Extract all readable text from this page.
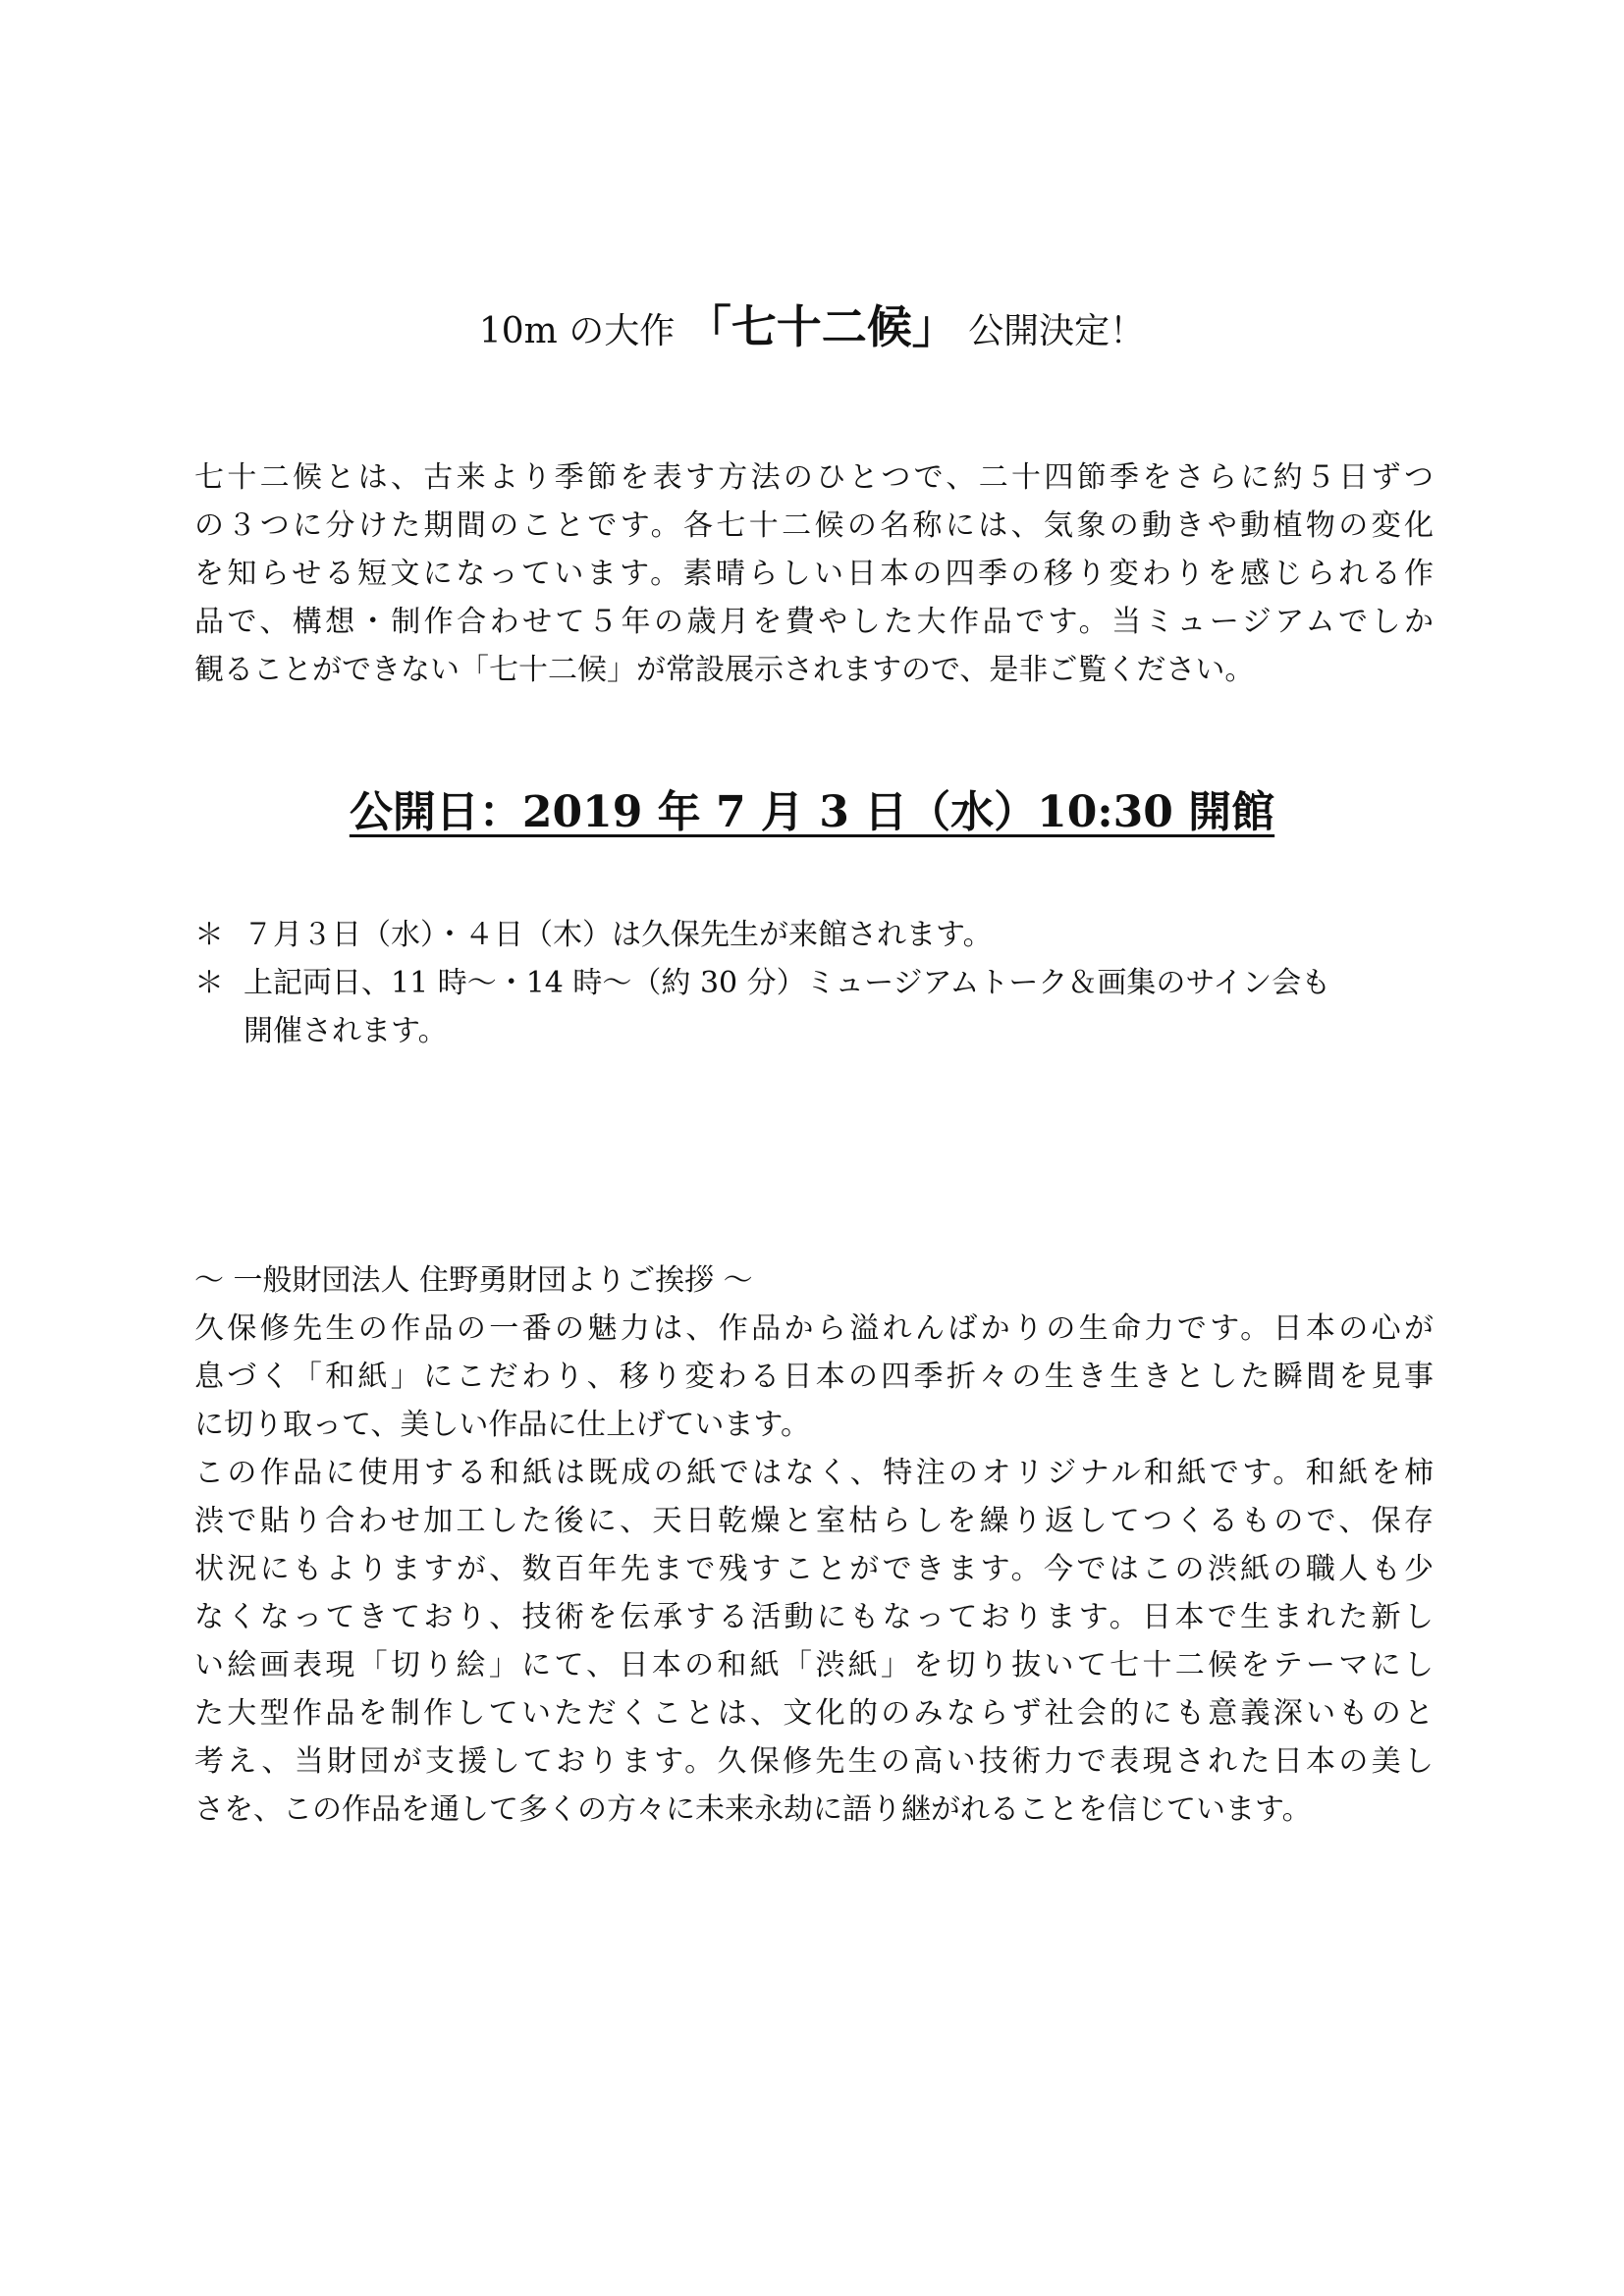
10m の大作 「七十二候」 公開決定！
七十二候とは、古来より季節を表す方法のひとつで、二十四節季をさらに約５日ずつ
の３つに分けた期間のことです。各七十二候の名称には、気象の動きや動植物の変化
を知らせる短文になっています。素晴らしい日本の四季の移り変わりを感じられる作
品で、構想・制作合わせて５年の歳月を費やした大作品です。当ミュージアムでしか
観ることができない「七十二候」が常設展示されますので、是非ご覧ください。
公開日：2019 年 7 月 3 日（水）10:30 開館
＊ ７月３日（水）・４日（木）は久保先生が来館されます。
＊ 上記両日、11 時～・14 時～（約 30 分）ミュージアムトーク＆画集のサイン会も
開催されます。
～ 一般財団法人 住野勇財団よりご挨拶 ～
久保修先生の作品の一番の魅力は、作品から溢れんばかりの生命力です。日本の心が
息づく「和紙」にこだわり、移り変わる日本の四季折々の生き生きとした瞬間を見事
に切り取って、美しい作品に仕上げています。
この作品に使用する和紙は既成の紙ではなく、特注のオリジナル和紙です。和紙を柿
渋で貼り合わせ加工した後に、天日乾燥と室枯らしを繰り返してつくるもので、保存
状況にもよりますが、数百年先まで残すことができます。今ではこの渋紙の職人も少
なくなってきており、技術を伝承する活動にもなっております。日本で生まれた新し
い絵画表現「切り絵」にて、日本の和紙「渋紙」を切り抜いて七十二候をテーマにし
た大型作品を制作していただくことは、文化的のみならず社会的にも意義深いものと
考え、当財団が支援しております。久保修先生の高い技術力で表現された日本の美し
さを、この作品を通して多くの方々に未来永劫に語り継がれることを信じています。
